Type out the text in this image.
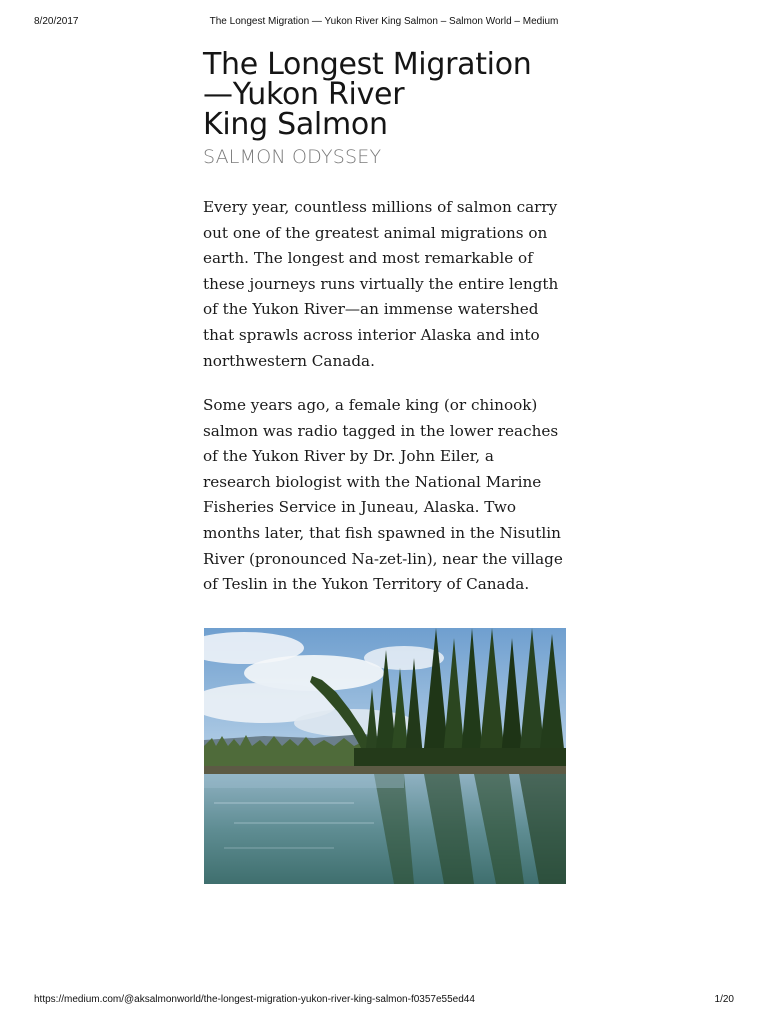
8/20/2017	The Longest Migration — Yukon River King Salmon – Salmon World – Medium
The Longest Migration
—Yukon River
King Salmon
SALMON ODYSSEY

Every year, countless millions of salmon carry
out one of the greatest animal migrations on
earth. The longest and most remarkable of
these journeys runs virtually the entire length
of the Yukon River—an immense watershed
that sprawls across interior Alaska and into
northwestern Canada.

Some years ago, a female king (or chinook)
salmon was radio tagged in the lower reaches
of the Yukon River by Dr. John Eiler, a
research biologist with the National Marine
Fisheries Service in Juneau, Alaska. Two
months later, that fish spawned in the Nisutlin
River (pronounced Na-zet-lin), near the village
of Teslin in the Yukon Territory of Canada.

https://medium.com/@aksalmonworld/the-longest-migration-yukon-river-king-salmon-f0357e55ed44	1/20
